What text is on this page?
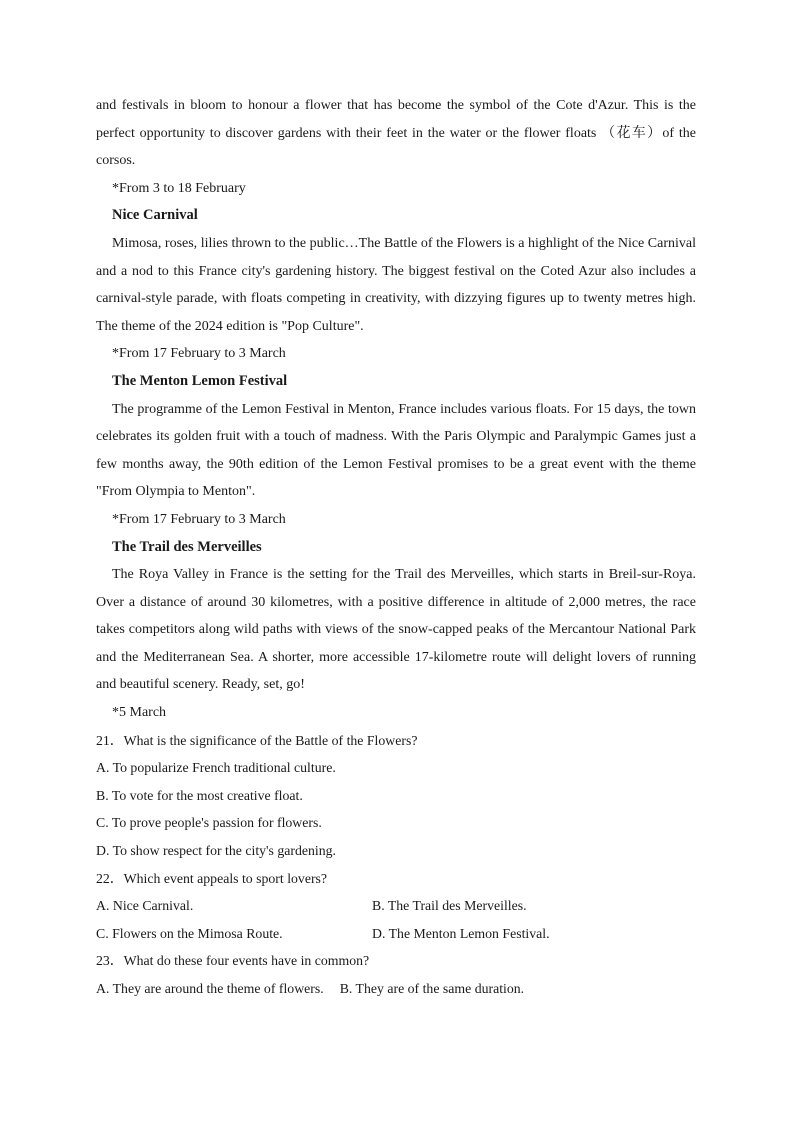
and festivals in bloom to honour a flower that has become the symbol of the Cote d'Azur. This is the perfect opportunity to discover gardens with their feet in the water or the flower floats （花车）of the corsos.

*From 3 to 18 February

Nice Carnival

Mimosa, roses, lilies thrown to the public…The Battle of the Flowers is a highlight of the Nice Carnival and a nod to this France city's gardening history. The biggest festival on the Coted Azur also includes a carnival-style parade, with floats competing in creativity, with dizzying figures up to twenty metres high. The theme of the 2024 edition is "Pop Culture".

*From 17 February to 3 March

The Menton Lemon Festival

The programme of the Lemon Festival in Menton, France includes various floats. For 15 days, the town celebrates its golden fruit with a touch of madness. With the Paris Olympic and Paralympic Games just a few months away, the 90th edition of the Lemon Festival promises to be a great event with the theme "From Olympia to Menton".

*From 17 February to 3 March

The Trail des Merveilles

The Roya Valley in France is the setting for the Trail des Merveilles, which starts in Breil-sur-Roya. Over a distance of around 30 kilometres, with a positive difference in altitude of 2,000 metres, the race takes competitors along wild paths with views of the snow-capped peaks of the Mercantour National Park and the Mediterranean Sea. A shorter, more accessible 17-kilometre route will delight lovers of running and beautiful scenery. Ready, set, go!

*5 March

21．What is the significance of the Battle of the Flowers?

A. To popularize French traditional culture.

B. To vote for the most creative float.

C. To prove people's passion for flowers.

D. To show respect for the city's gardening.

22．Which event appeals to sport lovers?

A. Nice Carnival.	B. The Trail des Merveilles.

C. Flowers on the Mimosa Route.	D. The Menton Lemon Festival.

23．What do these four events have in common?

A. They are around the theme of flowers. B. They are of the same duration.
